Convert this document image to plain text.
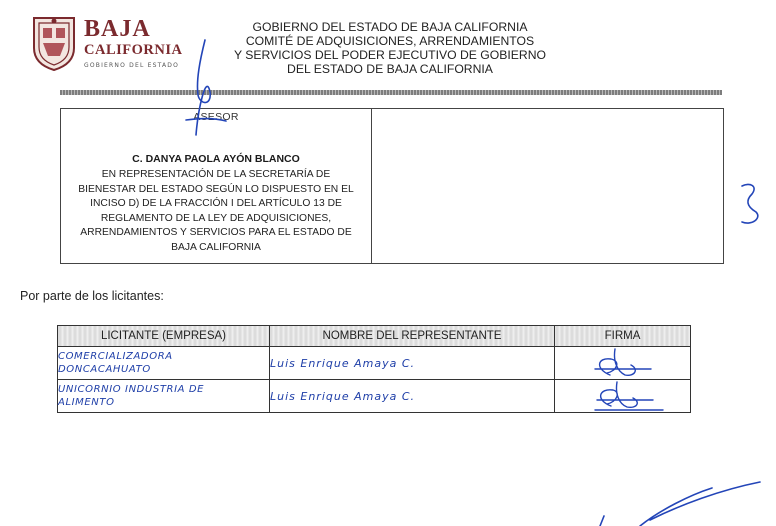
BAJA
CALIFORNIA
GOBIERNO DEL ESTADO
GOBIERNO DEL ESTADO DE BAJA CALIFORNIA
COMITÉ DE ADQUISICIONES, ARRENDAMIENTOS
Y SERVICIOS DEL PODER EJECUTIVO DE GOBIERNO
DEL ESTADO DE BAJA CALIFORNIA
ASESOR
C. DANYA PAOLA AYÓN BLANCO
EN REPRESENTACIÓN DE LA SECRETARÍA DE
BIENESTAR DEL ESTADO SEGÚN LO DISPUESTO EN EL
INCISO D) DE LA FRACCIÓN I DEL ARTÍCULO 13 DE
REGLAMENTO DE LA LEY DE ADQUISICIONES,
ARRENDAMIENTOS Y SERVICIOS PARA EL ESTADO DE
BAJA CALIFORNIA
Por parte de los licitantes:
LICITANTE (EMPRESA)	NOMBRE DEL REPRESENTANTE	FIRMA

COMERCIALIZADORA
DONCACAHUATO	Luis Enrique Amaya C.	

UNICORNIO INDUSTRIA DE
ALIMENTO	Luis Enrique Amaya C.	
